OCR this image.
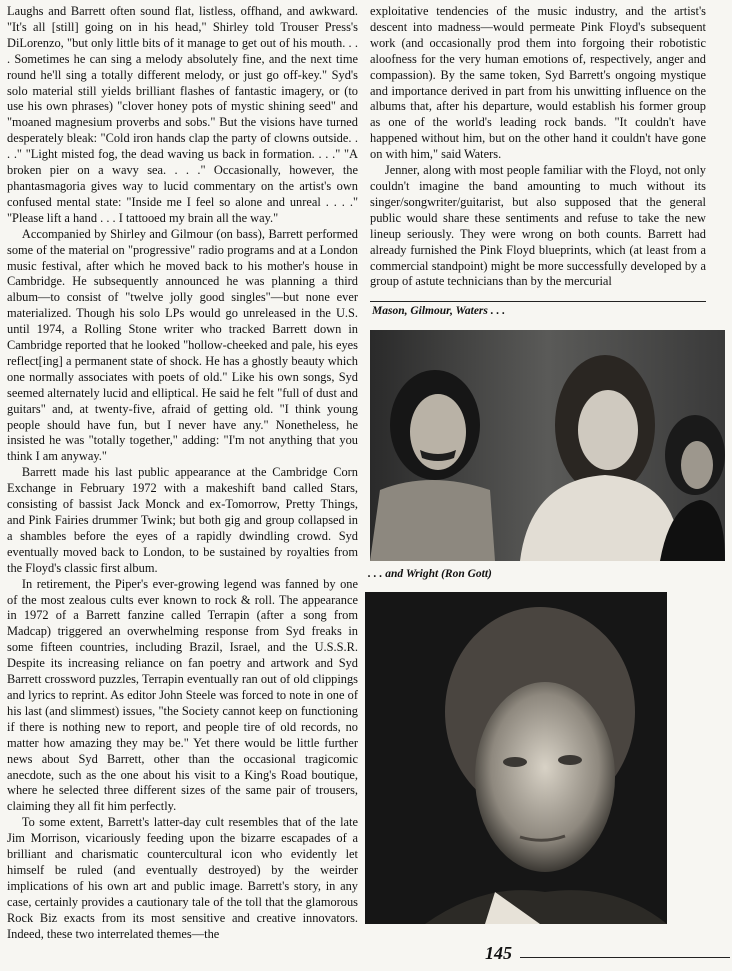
Laughs and Barrett often sound flat, listless, offhand, and awkward. "It's all [still] going on in his head," Shirley told Trouser Press's DiLorenzo, "but only little bits of it manage to get out of his mouth. . . . Sometimes he can sing a melody absolutely fine, and the next time round he'll sing a totally different melody, or just go off-key." Syd's solo material still yields brilliant flashes of fantastic imagery, or (to use his own phrases) "clover honey pots of mystic shining seed" and "moaned magnesium proverbs and sobs." But the visions have turned desperately bleak: "Cold iron hands clap the party of clowns outside. . . ." "Light misted fog, the dead waving us back in formation. . . ." "A broken pier on a wavy sea. . . ." Occasionally, however, the phantasmagoria gives way to lucid commentary on the artist's own confused mental state: "Inside me I feel so alone and unreal . . . ." "Please lift a hand . . . I tattooed my brain all the way."

Accompanied by Shirley and Gilmour (on bass), Barrett performed some of the material on "progressive" radio programs and at a London music festival, after which he moved back to his mother's house in Cambridge. He subsequently announced he was planning a third album—to consist of "twelve jolly good singles"—but none ever materialized. Though his solo LPs would go unreleased in the U.S. until 1974, a Rolling Stone writer who tracked Barrett down in Cambridge reported that he looked "hollow-cheeked and pale, his eyes reflect[ing] a permanent state of shock. He has a ghostly beauty which one normally associates with poets of old." Like his own songs, Syd seemed alternately lucid and elliptical. He said he felt "full of dust and guitars" and, at twenty-five, afraid of getting old. "I think young people should have fun, but I never have any." Nonetheless, he insisted he was "totally together," adding: "I'm not anything that you think I am anyway."

Barrett made his last public appearance at the Cambridge Corn Exchange in February 1972 with a makeshift band called Stars, consisting of bassist Jack Monck and ex-Tomorrow, Pretty Things, and Pink Fairies drummer Twink; but both gig and group collapsed in a shambles before the eyes of a rapidly dwindling crowd. Syd eventually moved back to London, to be sustained by royalties from the Floyd's classic first album.

In retirement, the Piper's ever-growing legend was fanned by one of the most zealous cults ever known to rock & roll. The appearance in 1972 of a Barrett fanzine called Terrapin (after a song from Madcap) triggered an overwhelming response from Syd freaks in some fifteen countries, including Brazil, Israel, and the U.S.S.R. Despite its increasing reliance on fan poetry and artwork and Syd Barrett crossword puzzles, Terrapin eventually ran out of old clippings and lyrics to reprint. As editor John Steele was forced to note in one of his last (and slimmest) issues, "the Society cannot keep on functioning if there is nothing new to report, and people tire of old records, no matter how amazing they may be." Yet there would be little further news about Syd Barrett, other than the occasional tragicomic anecdote, such as the one about his visit to a King's Road boutique, where he selected three different sizes of the same pair of trousers, claiming they all fit him perfectly.

To some extent, Barrett's latter-day cult resembles that of the late Jim Morrison, vicariously feeding upon the bizarre escapades of a brilliant and charismatic countercultural icon who evidently let himself be ruled (and eventually destroyed) by the weirder implications of his own art and public image. Barrett's story, in any case, certainly provides a cautionary tale of the toll that the glamorous Rock Biz exacts from its most sensitive and creative innovators. Indeed, these two interrelated themes—the

exploitative tendencies of the music industry, and the artist's descent into madness—would permeate Pink Floyd's subsequent work (and occasionally prod them into forgoing their robotistic aloofness for the very human emotions of, respectively, anger and compassion). By the same token, Syd Barrett's ongoing mystique and importance derived in part from his unwitting influence on the albums that, after his departure, would establish his former group as one of the world's leading rock bands. "It couldn't have happened without him, but on the other hand it couldn't have gone on with him," said Waters.

Jenner, along with most people familiar with the Floyd, not only couldn't imagine the band amounting to much without its singer/songwriter/guitarist, but also supposed that the general public would share these sentiments and refuse to take the new lineup seriously. They were wrong on both counts. Barrett had already furnished the Pink Floyd blueprints, which (at least from a commercial standpoint) might be more successfully developed by a group of astute technicians than by the mercurial

Mason, Gilmour, Waters . . .
. . . and Wright (Ron Gott)
145
